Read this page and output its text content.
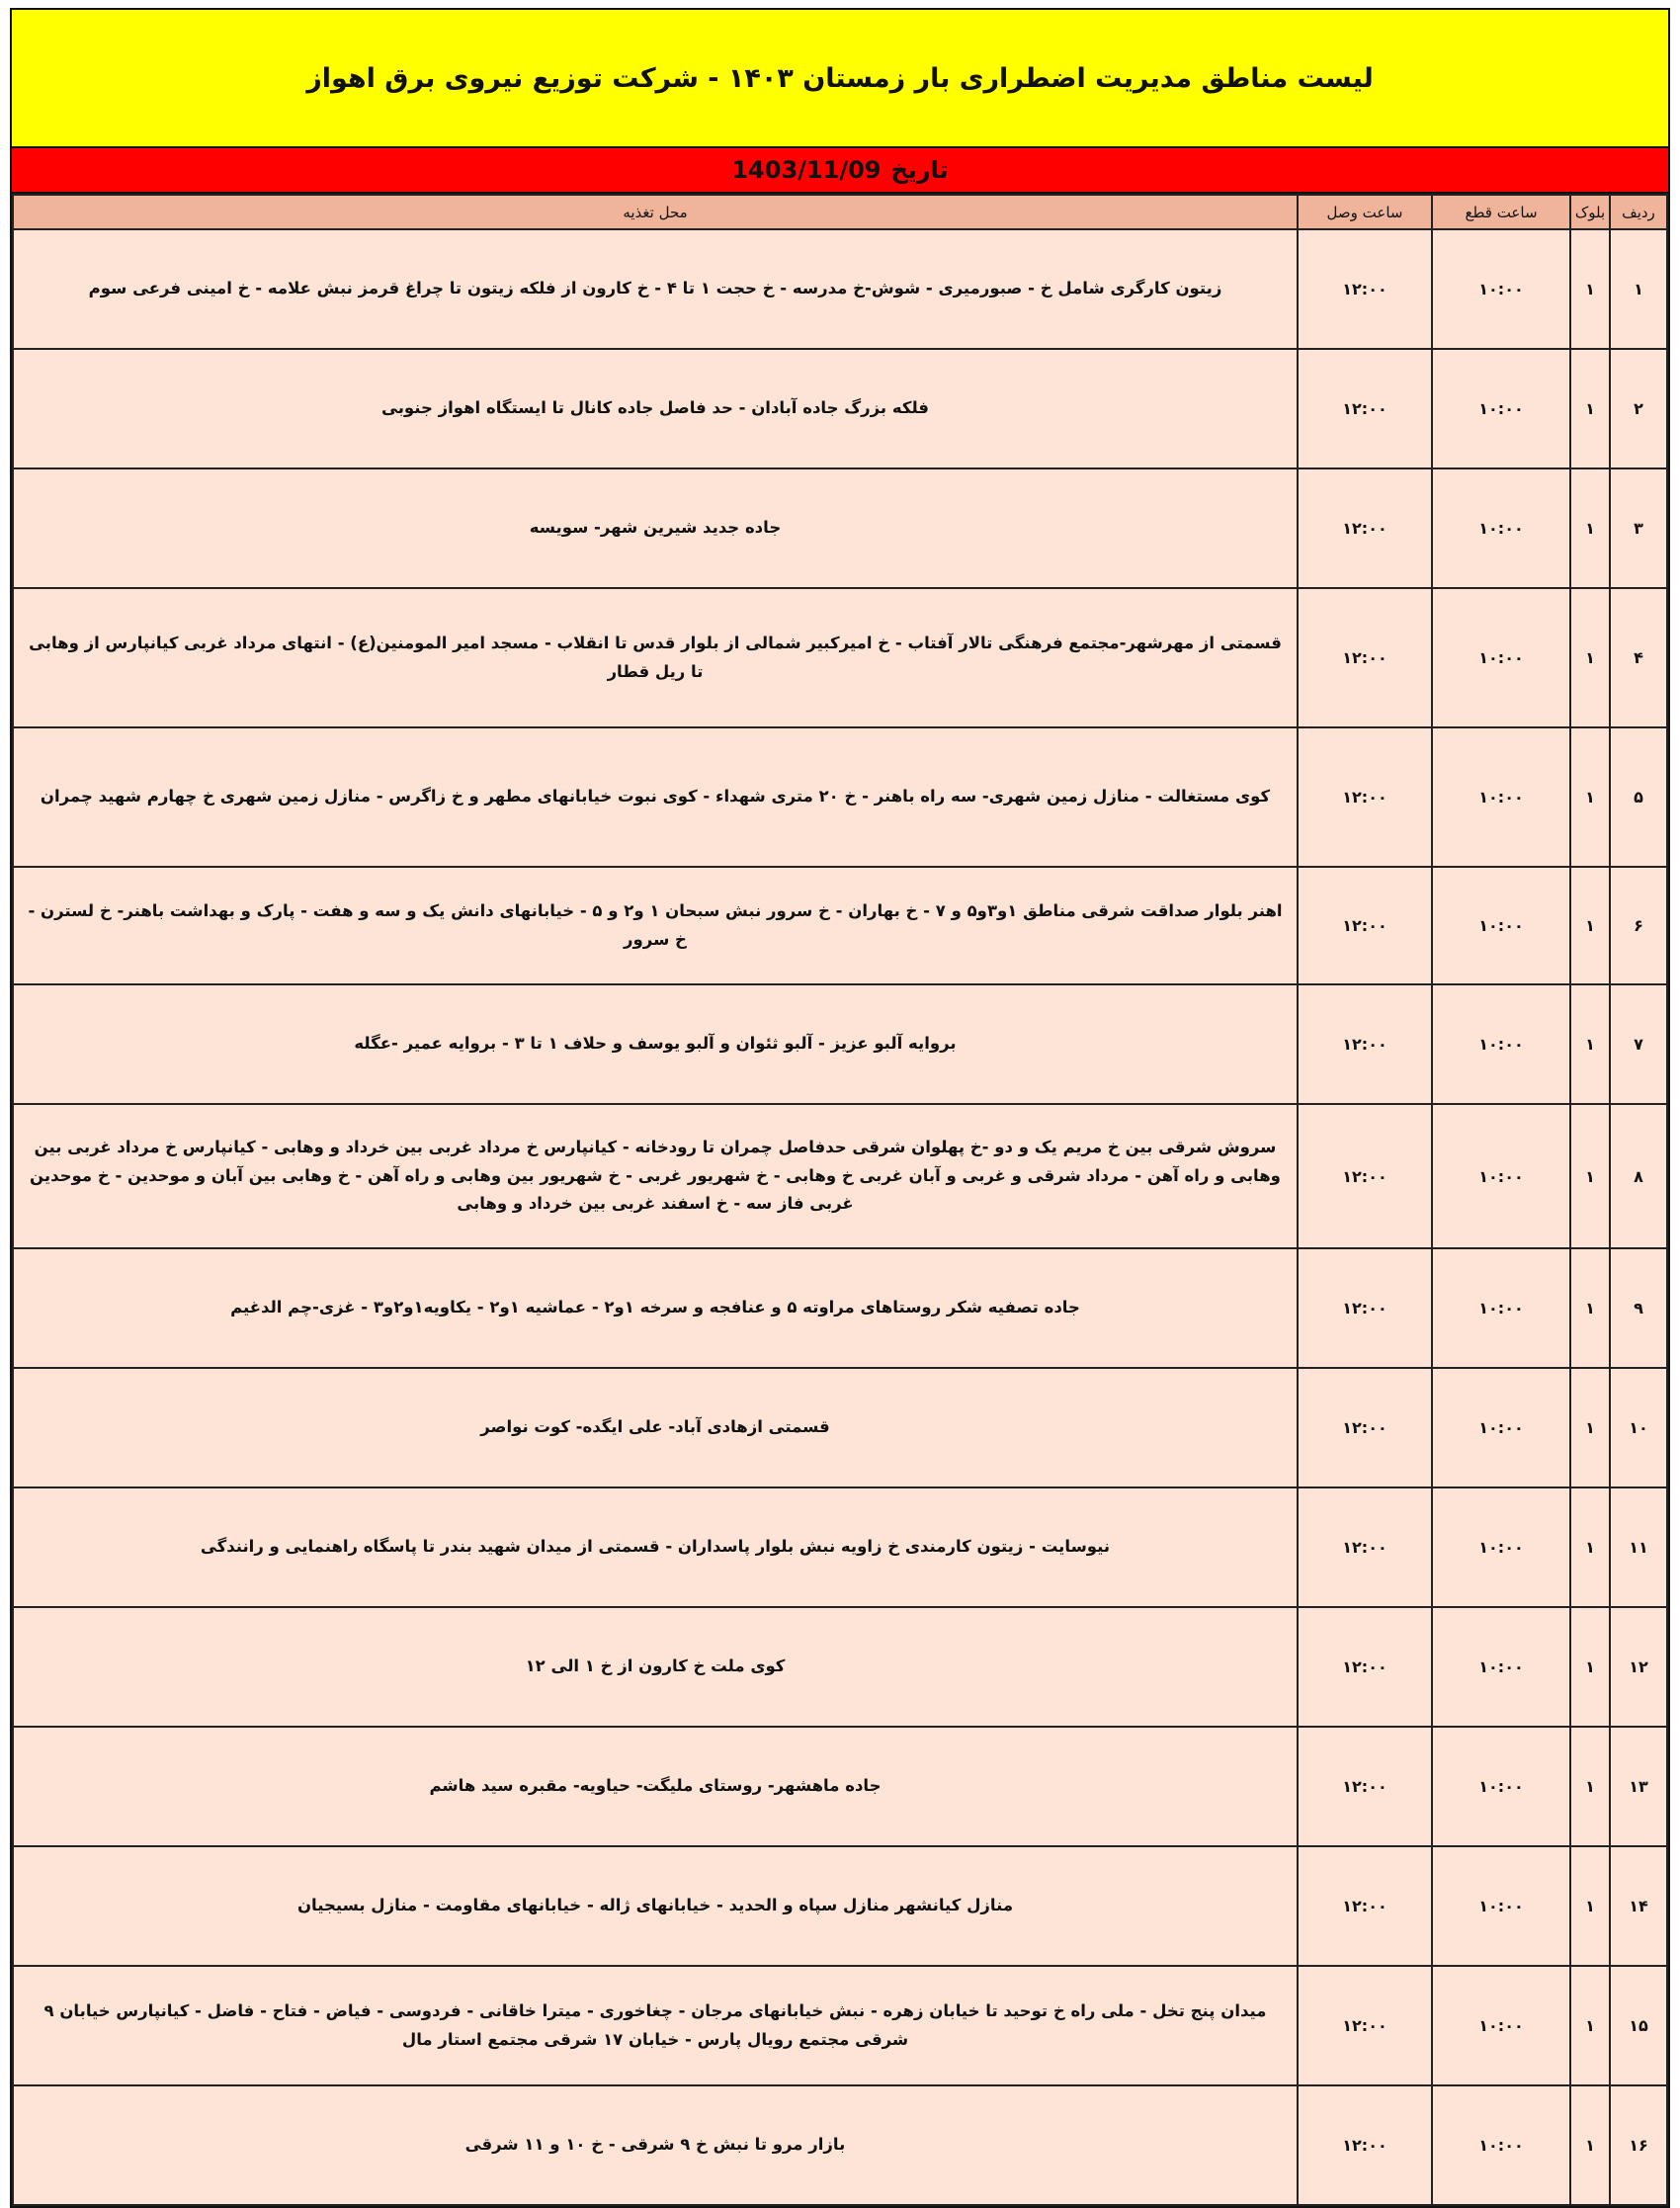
لیست مناطق مدیریت اضطراری بار زمستان ۱۴۰۳ - شرکت توزیع نیروی برق اهواز
تاریخ
1403/11/09
ردیف	بلوک	ساعت قطع	ساعت وصل	محل تغذیه
۱	۱	۱۰:۰۰	۱۲:۰۰	زیتون کارگری شامل خ - صبورمیری - شوش-خ مدرسه - خ حجت ۱ تا ۴ - خ کارون از فلکه زیتون تا چراغ قرمز نبش علامه - خ امینی فرعی سوم
۲	۱	۱۰:۰۰	۱۲:۰۰	فلکه بزرگ جاده آبادان - حد فاصل جاده کانال تا ایستگاه اهواز جنوبی
۳	۱	۱۰:۰۰	۱۲:۰۰	جاده جدید شیرین شهر- سویسه
۴	۱	۱۰:۰۰	۱۲:۰۰	قسمتی از مهرشهر-مجتمع فرهنگی تالار آفتاب - خ امیرکبیر شمالی از بلوار قدس تا انقلاب - مسجد امیر المومنین(ع) - انتهای مرداد غربی کیانپارس از وهابی تا ریل قطار
۵	۱	۱۰:۰۰	۱۲:۰۰	کوی مستغالت - منازل زمین شهری- سه راه باهنر - خ ۲۰ متری شهداء - کوی نبوت خیابانهای مطهر و خ زاگرس - منازل زمین شهری خ چهارم شهید چمران
۶	۱	۱۰:۰۰	۱۲:۰۰	اهنر بلوار صداقت شرقی مناطق ۱و۳و۵ و ۷ - خ بهاران - خ سرور نبش سبحان ۱ و۲ و ۵ - خیابانهای دانش یک و سه و هفت - پارک و بهداشت باهنر- خ لسترن - خ سرور
۷	۱	۱۰:۰۰	۱۲:۰۰	بروایه آلبو عزیز - آلبو ثئوان و آلبو یوسف و حلاف ۱ تا ۳ - بروایه عمیر -عگله
۸	۱	۱۰:۰۰	۱۲:۰۰	سروش شرقی بین خ مریم یک و دو -خ پهلوان شرقی حدفاصل چمران تا رودخانه - کیانپارس خ مرداد غربی بین خرداد و وهابی - کیانپارس خ مرداد غربی بین وهابی و راه آهن - مرداد شرقی و غربی و آبان غربی خ وهابی - خ شهریور غربی - خ شهریور بین وهابی و راه آهن - خ وهابی بین آبان و موحدین - خ موحدین غربی فاز سه - خ اسفند غربی بین خرداد و وهابی
۹	۱	۱۰:۰۰	۱۲:۰۰	جاده تصفیه شکر روستاهای مراوته ۵ و عنافجه و سرخه ۱و۲ - عماشیه ۱و۲ - یکاویه۱و۲و۳ - غزی-چم الدغیم
۱۰	۱	۱۰:۰۰	۱۲:۰۰	قسمتی ازهادی آباد- علی ایگده- کوت نواصر
۱۱	۱	۱۰:۰۰	۱۲:۰۰	نیوسایت - زیتون کارمندی خ زاویه نبش بلوار پاسداران - قسمتی از میدان شهید بندر تا پاسگاه راهنمایی و رانندگی
۱۲	۱	۱۰:۰۰	۱۲:۰۰	کوی ملت خ کارون از خ ۱ الی ۱۲
۱۳	۱	۱۰:۰۰	۱۲:۰۰	جاده ماهشهر- روستای ملیگت- حیاویه- مقبره سید هاشم
۱۴	۱	۱۰:۰۰	۱۲:۰۰	منازل کیانشهر منازل سپاه و الحدید - خیابانهای ژاله - خیابانهای مقاومت - منازل بسیجیان
۱۵	۱	۱۰:۰۰	۱۲:۰۰	میدان پنج تخل - ملی راه خ توحید تا خیابان زهره - نبش خیابانهای مرجان - چغاخوری - میترا خاقانی - فردوسی - فیاض - فتاح - فاضل - کیانپارس خیابان ۹ شرقی مجتمع رویال پارس - خیابان ۱۷ شرقی مجتمع استار مال
۱۶	۱	۱۰:۰۰	۱۲:۰۰	بازار مرو تا نبش خ ۹ شرقی - خ ۱۰ و ۱۱ شرقی
